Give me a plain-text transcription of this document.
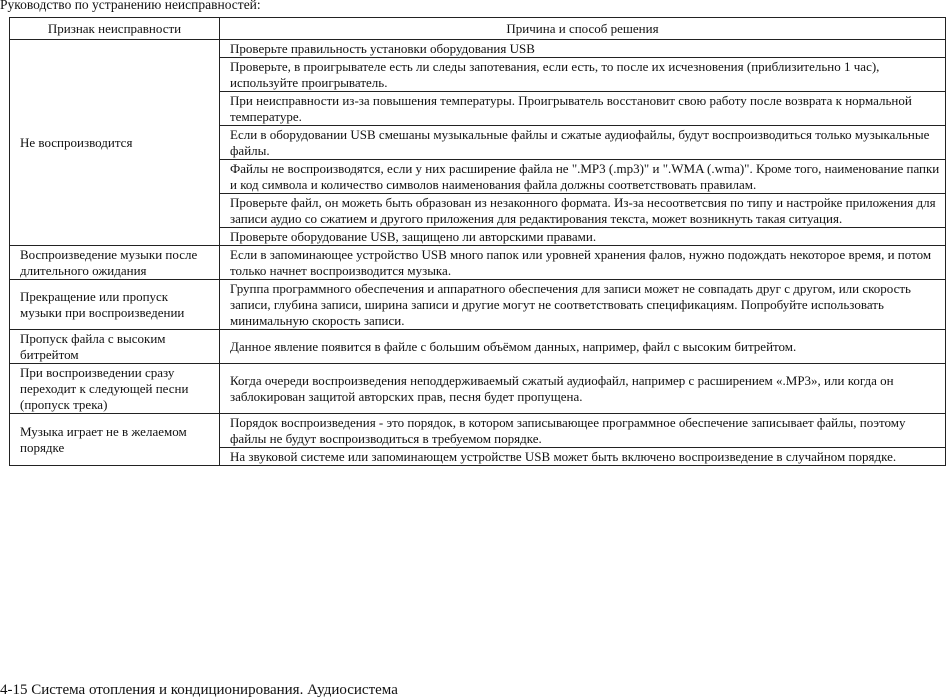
Руководство по устранению неисправностей:
Признак неисправности	Причина и способ решения
Не воспроизводится	Проверьте правильность установки оборудования USB
	Проверьте, в проигрывателе есть ли следы запотевания, если есть, то после их исчезновения (приблизительно 1 час), используйте проигрыватель.
	При неисправности из-за повышения температуры. Проигрыватель восстановит свою работу после возврата к нормальной температуре.
	Если в оборудовании USB смешаны музыкальные файлы и сжатые аудиофайлы, будут воспроизводиться только музыкальные файлы.
	Файлы не воспроизводятся, если у них расширение файла не ".MP3 (.mp3)" и ".WMA (.wma)". Кроме того, наименование папки и код символа и количество символов наименования файла должны соответствовать правилам.
	Проверьте файл, он можеть быть образован из незаконного формата. Из-за несоответсвия по типу и настройке приложения для записи аудио со сжатием и другого приложения для редактирования текста, может возникнуть такая ситуация.
	Проверьте оборудование USB, защищено ли авторскими правами.
Воспроизведение музыки после длительного ожидания	Если в запоминающее устройство USB много папок или уровней хранения фалов, нужно подождать некоторое время, и потом только начнет воспроизводится музыка.
Прекращение или пропуск музыки при воспроизведении	Группа программного обеспечения и аппаратного обеспечения для записи может не совпадать друг с другом, или скорость записи, глубина записи, ширина записи и другие могут не соответствовать спецификациям. Попробуйте использовать минимальную скорость записи.
Пропуск файла с высоким битрейтом	Данное явление появится в файле с большим объёмом данных, например, файл с высоким битрейтом.
При воспроизведении сразу переходит к следующей песни (пропуск трека)	Когда очереди воспроизведения неподдерживаемый сжатый аудиофайл, например с расширением «.MP3», или когда он заблокирован защитой авторских прав, песня будет пропущена.
Музыка играет не в желаемом порядке	Порядок воспроизведения - это порядок, в котором записывающее программное обеспечение записывает файлы, поэтому файлы не будут воспроизводиться в требуемом порядке.
	На звуковой системе или запоминающем устройстве USB может быть включено воспроизведение в случайном порядке.
4-15 Система отопления и кондиционирования. Аудиосистема
